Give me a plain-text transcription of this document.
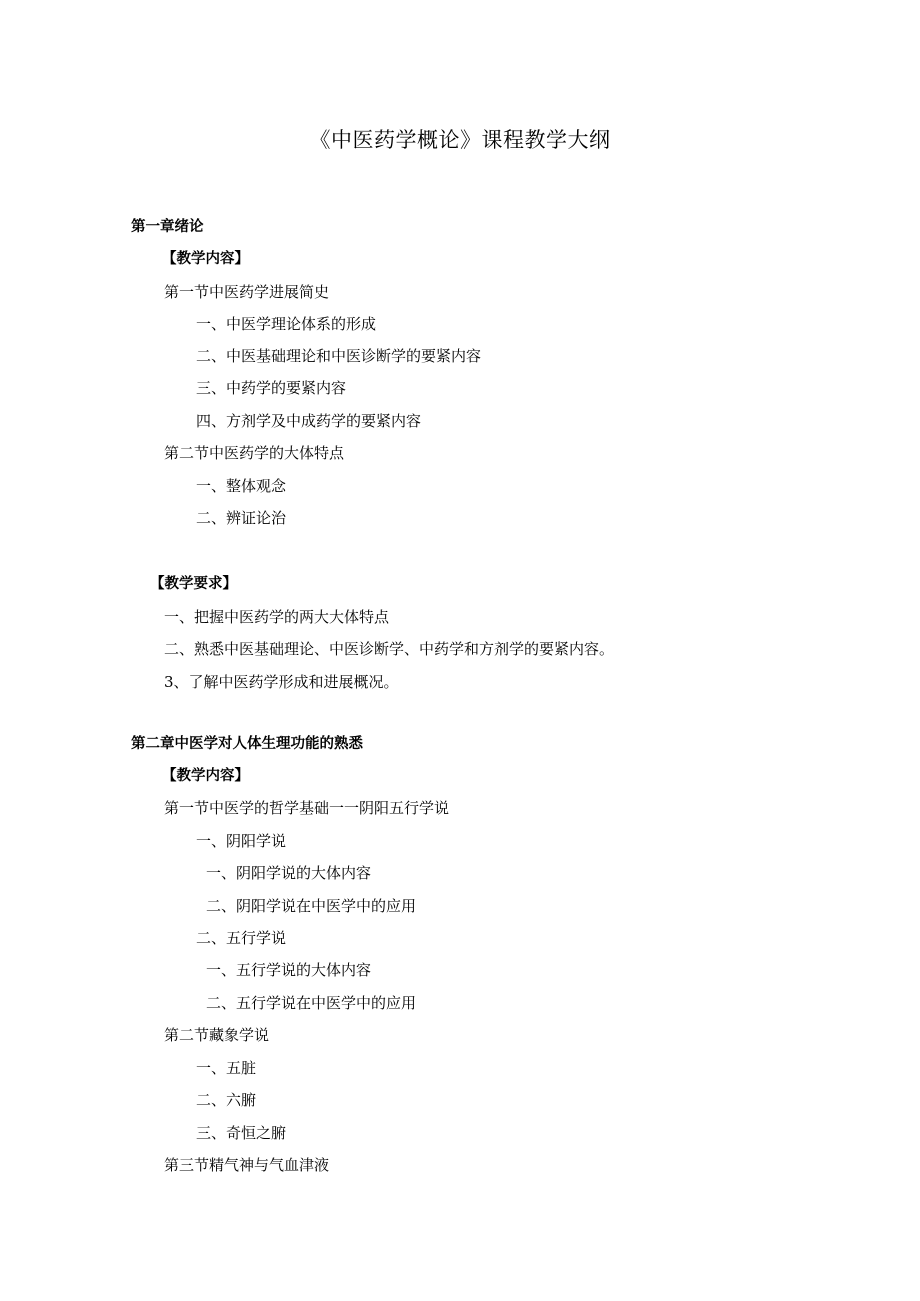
《中医药学概论》课程教学大纲
第一章绪论
【教学内容】
第一节中医药学进展简史
一、中医学理论体系的形成
二、中医基础理论和中医诊断学的要紧内容
三、中药学的要紧内容
四、方剂学及中成药学的要紧内容
第二节中医药学的大体特点
一、整体观念
二、辨证论治
【教学要求】
一、把握中医药学的两大大体特点
二、熟悉中医基础理论、中医诊断学、中药学和方剂学的要紧内容。
3、了解中医药学形成和进展概况。
第二章中医学对人体生理功能的熟悉
【教学内容】
第一节中医学的哲学基础一一阴阳五行学说
一、阴阳学说
一、阴阳学说的大体内容
二、阴阳学说在中医学中的应用
二、五行学说
一、五行学说的大体内容
二、五行学说在中医学中的应用
第二节藏象学说
一、五脏
二、六腑
三、奇恒之腑
第三节精气神与气血津液
